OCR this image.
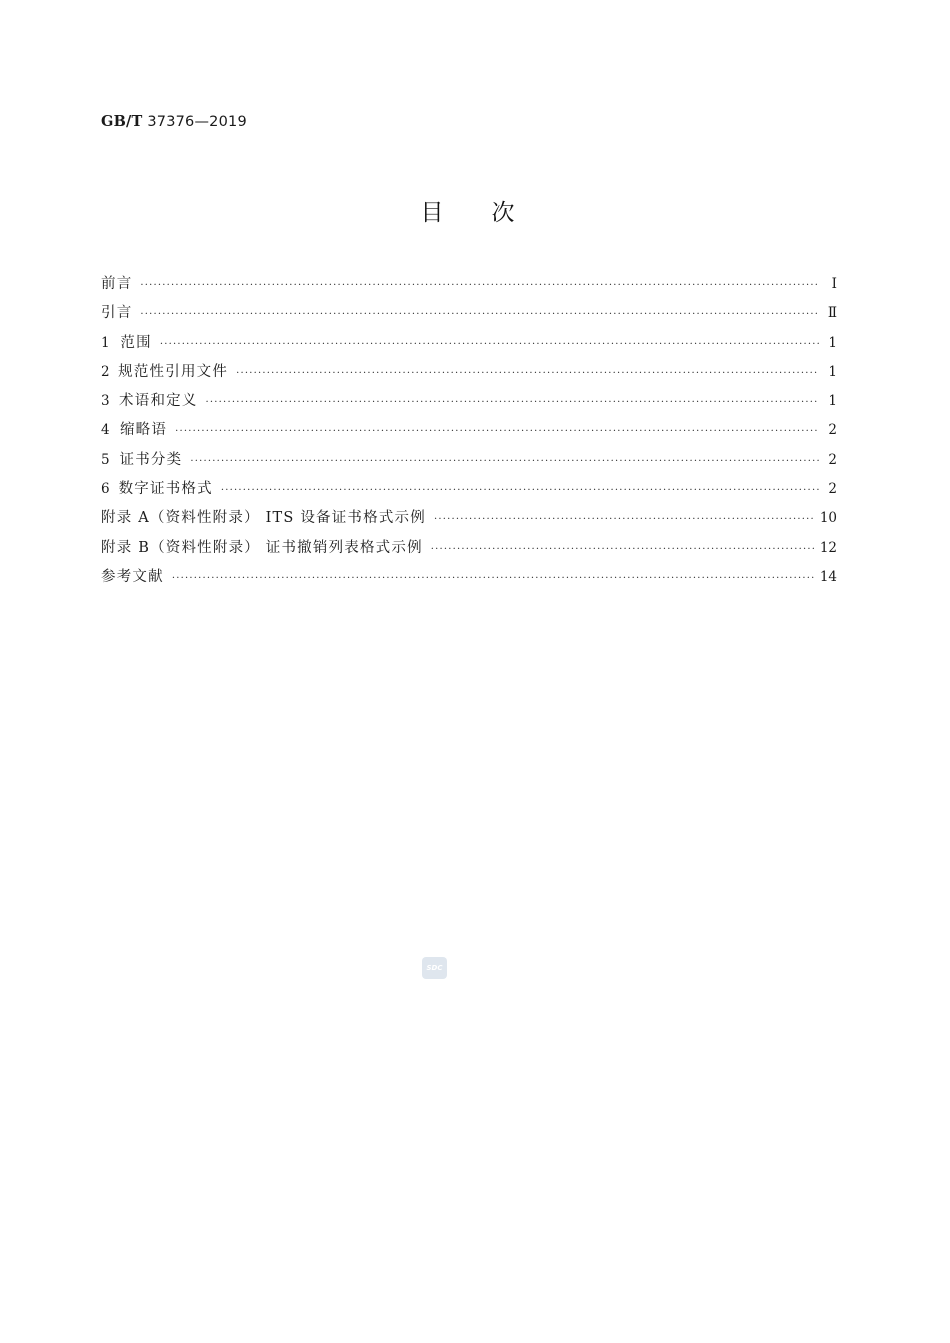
GB/T 37376—2019
目次
前言 ·····	Ⅰ
引言 ·····	Ⅱ
1 范围 ·····	1
2 规范性引用文件 ·····	1
3 术语和定义 ·····	1
4 缩略语 ·····	2
5 证书分类 ·····	2
6 数字证书格式 ·····	2
附录 A（资料性附录） ITS 设备证书格式示例 ·····	10
附录 B（资料性附录） 证书撤销列表格式示例 ·····	12
参考文献 ·····	14
SDC
